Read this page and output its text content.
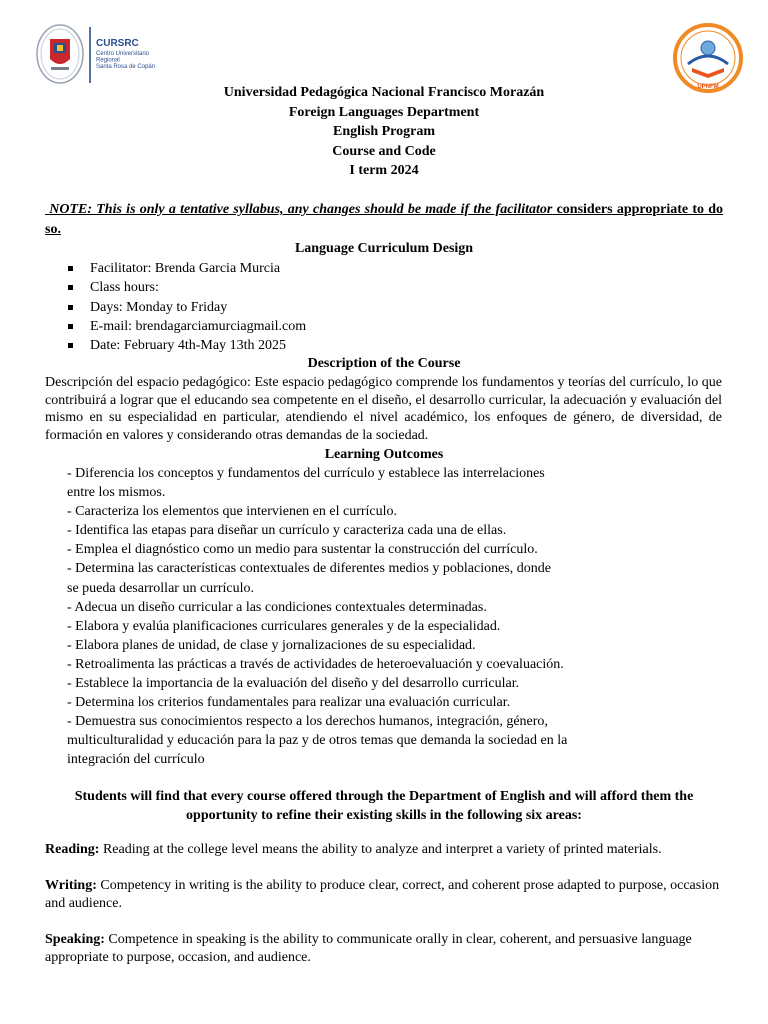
CURSRC
Centro Universitario
Regional
Santa Rosa de Copán
UPNFM
Universidad Pedagógica Nacional Francisco Morazán
Foreign Languages Department
English Program
Course and Code
I term 2024
NOTE: This is only a tentative syllabus, any changes should be made if the facilitator considers appropriate to do so.
Language Curriculum Design
Facilitator: Brenda Garcia Murcia
Class hours:
Days: Monday to Friday
E-mail: brendagarciamurciagmail.com
Date: February 4th-May 13th 2025
Description of the Course
Descripción del espacio pedagógico: Este espacio pedagógico comprende los fundamentos y teorías del currículo, lo que contribuirá a lograr que el educando sea competente en el diseño, el desarrollo curricular, la adecuación y evaluación del mismo en su especialidad en particular, atendiendo el nivel académico, los enfoques de género, de diversidad, de formación en valores y considerando otras demandas de la sociedad.
Learning Outcomes
- Diferencia los conceptos y fundamentos del currículo y establece las interrelaciones
entre los mismos.
- Caracteriza los elementos que intervienen en el currículo.
- Identifica las etapas para diseñar un currículo y caracteriza cada una de ellas.
- Emplea el diagnóstico como un medio para sustentar la construcción del currículo.
- Determina las características contextuales de diferentes medios y poblaciones, donde
se pueda desarrollar un currículo.
- Adecua un diseño curricular a las condiciones contextuales determinadas.
- Elabora y evalúa planificaciones curriculares generales y de la especialidad.
- Elabora planes de unidad, de clase y jornalizaciones de su especialidad.
- Retroalimenta las prácticas a través de actividades de heteroevaluación y coevaluación.
- Establece la importancia de la evaluación del diseño y del desarrollo curricular.
- Determina los criterios fundamentales para realizar una evaluación curricular.
- Demuestra sus conocimientos respecto a los derechos humanos, integración, género,
multiculturalidad y educación para la paz y de otros temas que demanda la sociedad en la
integración del currículo
Students will find that every course offered through the Department of English and will afford them the opportunity to refine their existing skills in the following six areas:
Reading: Reading at the college level means the ability to analyze and interpret a variety of printed materials.
Writing: Competency in writing is the ability to produce clear, correct, and coherent prose adapted to purpose, occasion and audience.
Speaking: Competence in speaking is the ability to communicate orally in clear, coherent, and persuasive language appropriate to purpose, occasion, and audience.
